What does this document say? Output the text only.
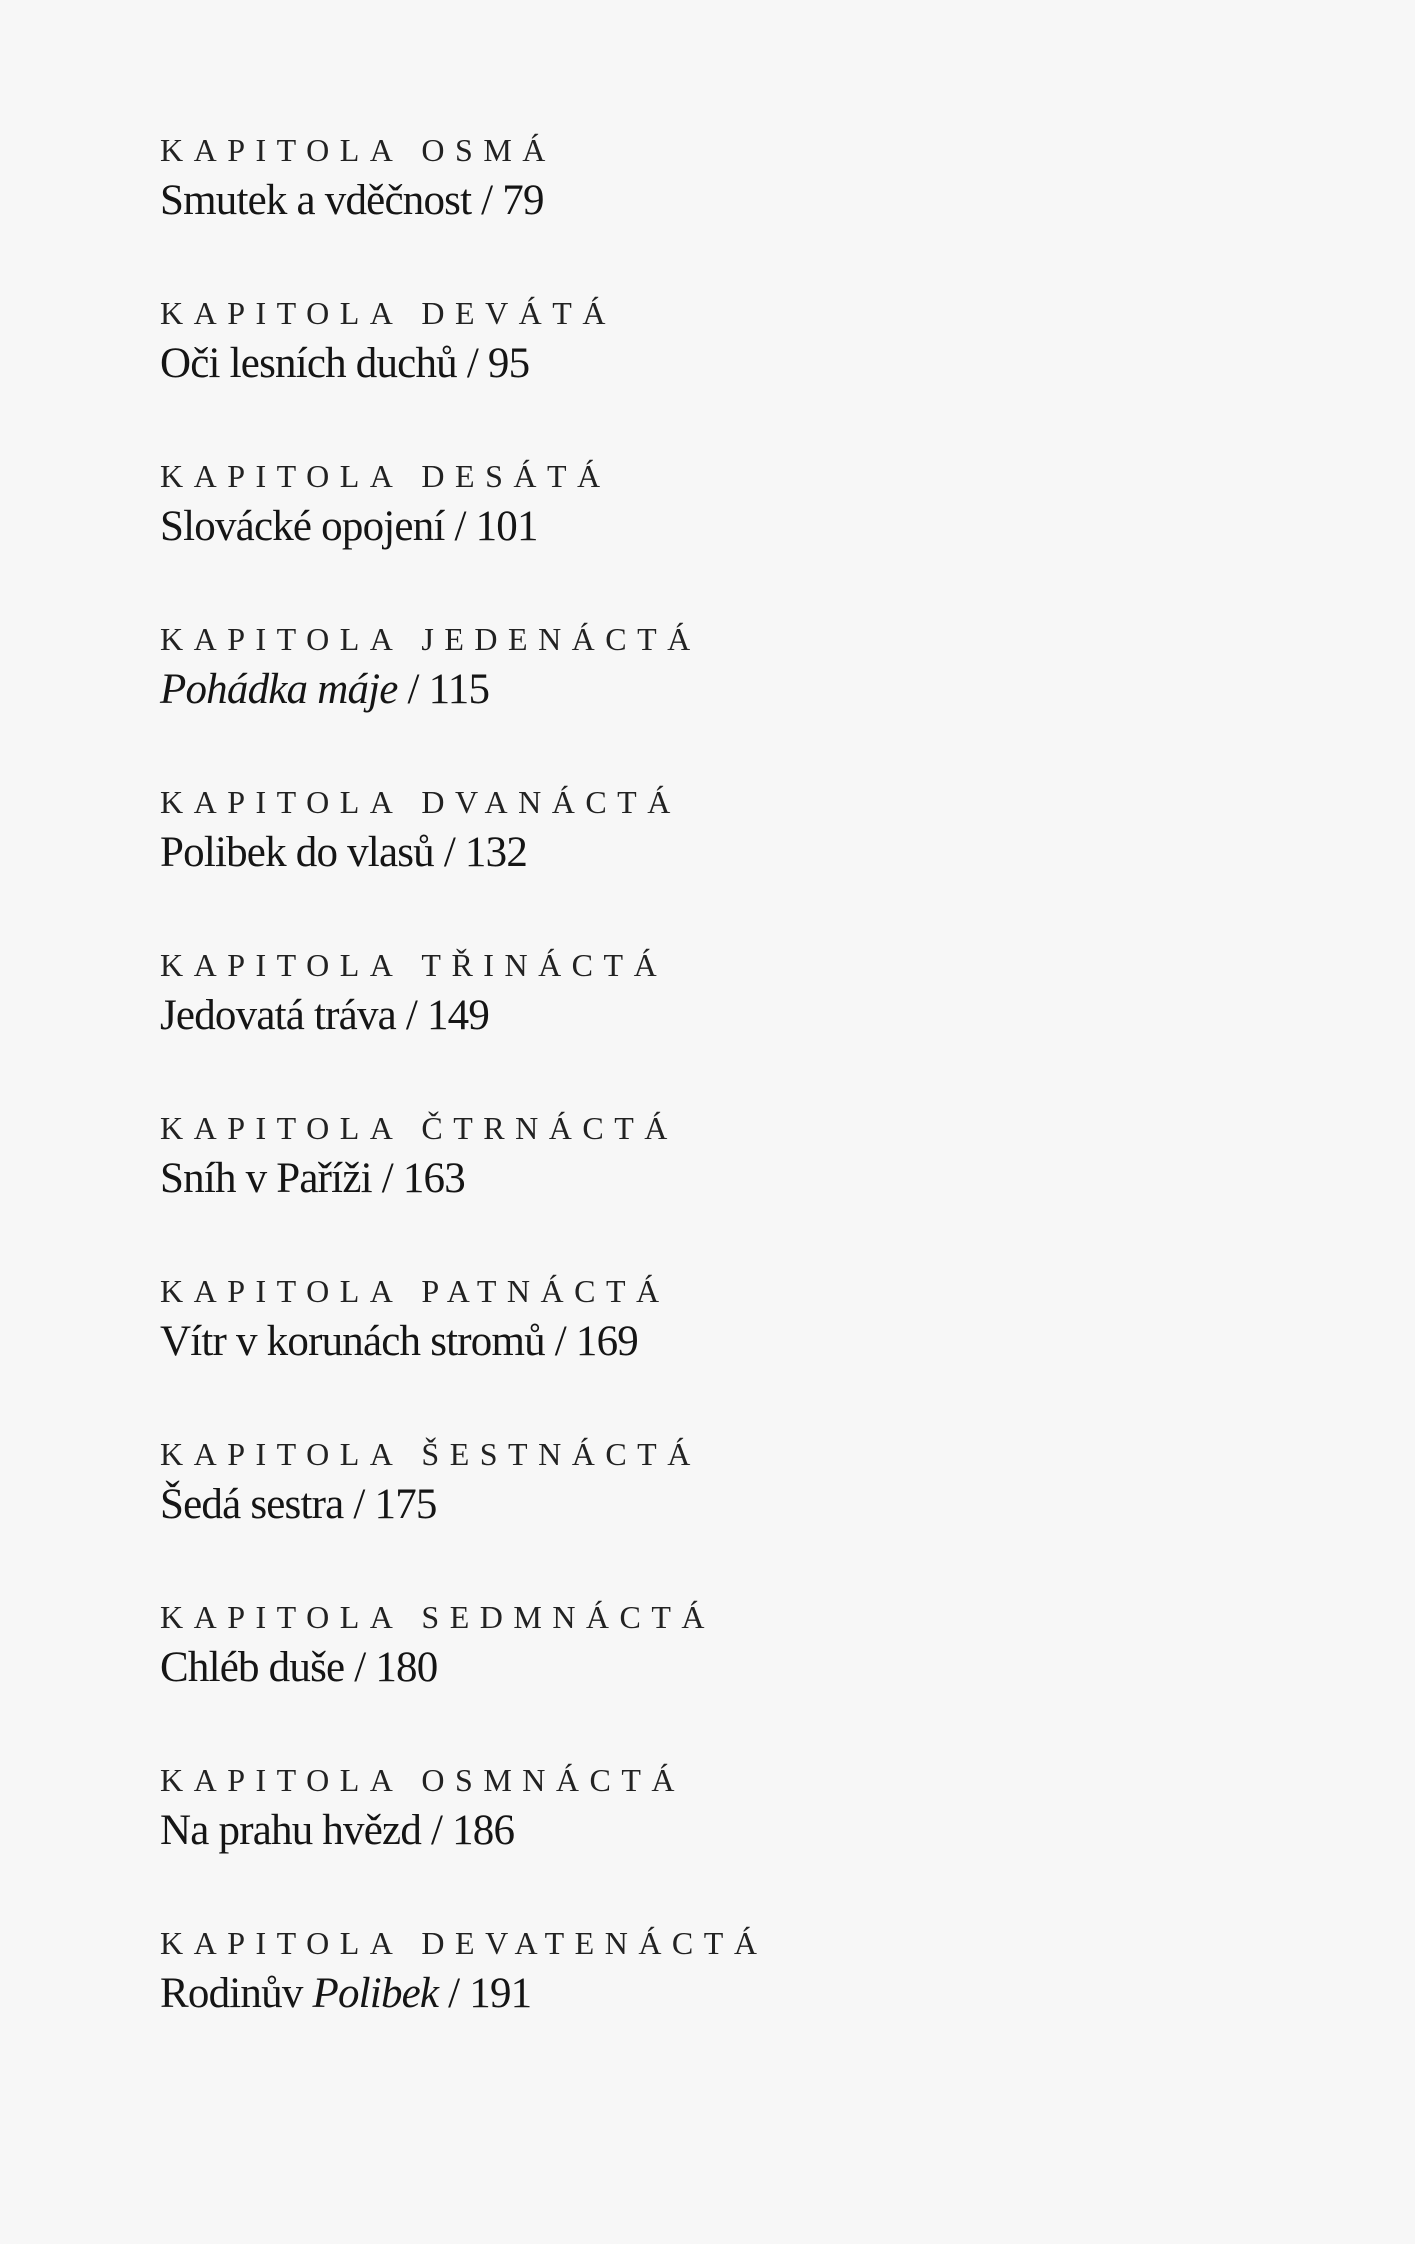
KAPITOLA OSMÁ
Smutek a vděčnost / 79
KAPITOLA DEVÁTÁ
Oči lesních duchů / 95
KAPITOLA DESÁTÁ
Slovácké opojení / 101
KAPITOLA JEDENÁCTÁ
Pohádka máje / 115
KAPITOLA DVANÁCTÁ
Polibek do vlasů / 132
KAPITOLA TŘINÁCTÁ
Jedovatá tráva / 149
KAPITOLA ČTRNÁCTÁ
Sníh v Paříži / 163
KAPITOLA PATNÁCTÁ
Vítr v korunách stromů / 169
KAPITOLA ŠESTNÁCTÁ
Šedá sestra / 175
KAPITOLA SEDMNÁCTÁ
Chléb duše / 180
KAPITOLA OSMNÁCTÁ
Na prahu hvězd / 186
KAPITOLA DEVATENÁCTÁ
Rodinův Polibek / 191
